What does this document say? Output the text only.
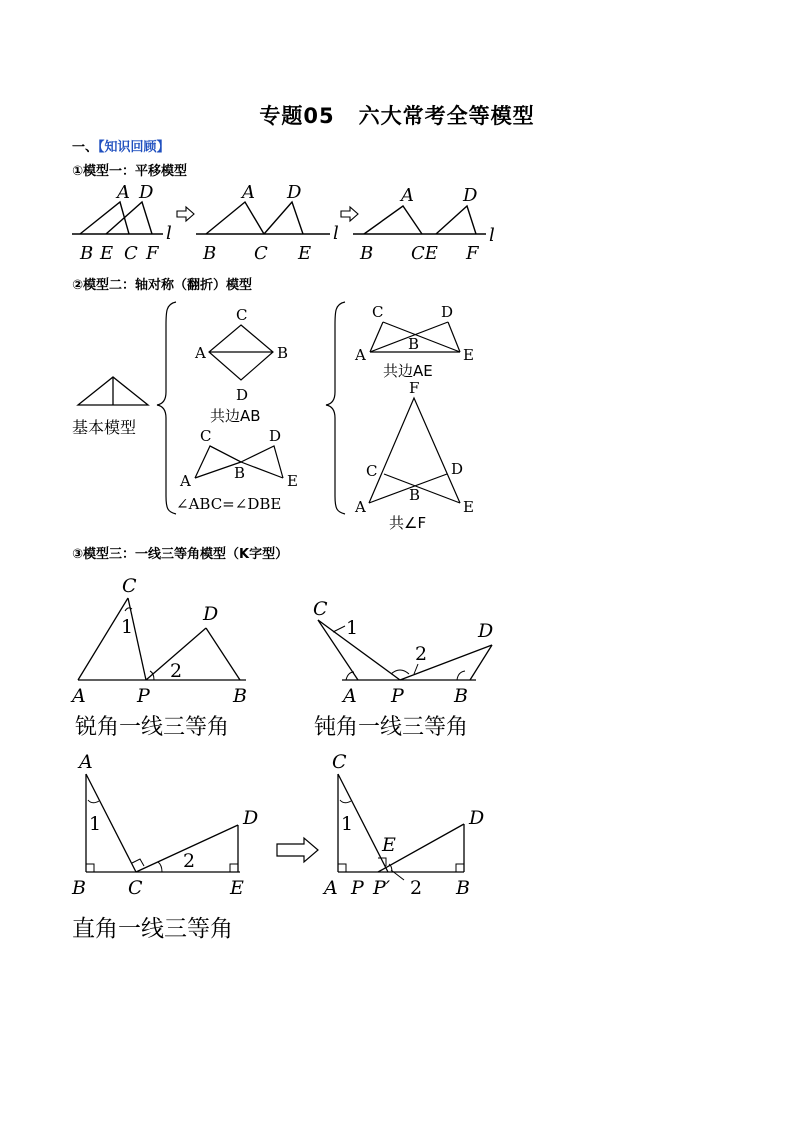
专题05 六大常考全等模型
一、【知识回顾】
①模型一：平移模型
②模型二：轴对称（翻折）模型
③模型三：一线三等角模型（K字型）
A D
B E C F
l
A D
B C E
l
A	D
B CE F
l
基本模型
C
A	B
D
共边AB
C	D
A	B	E
∠ABC=∠DBE
C	D
A
B
E
共边AE
F
C	D
A
B
E
共∠F
C
1
D
2
A	P	B
锐角一线三等角
C
1
2
D
A P	B
钝角一线三等角
A
1	D
2
B C	E
C
1
E
D
A P P′ 2 B
直角一线三等角
